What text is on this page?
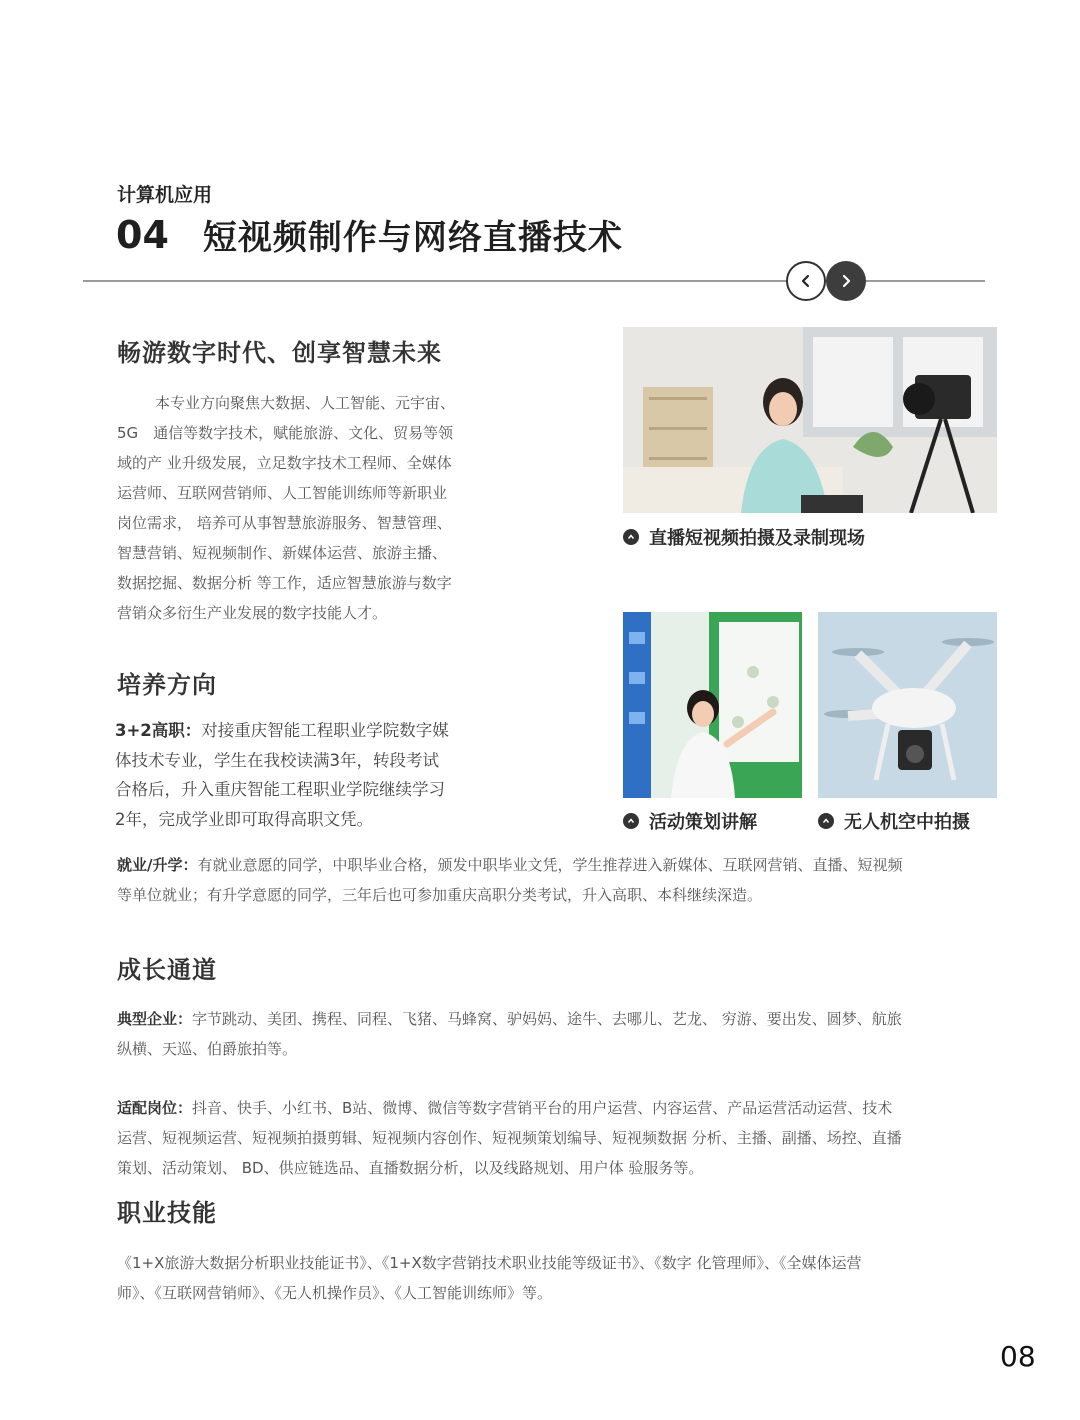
计算机应用
04 短视频制作与网络直播技术
畅游数字时代、创享智慧未来
本专业方向聚焦大数据、人工智能、元宇宙、
5G　通信等数字技术，赋能旅游、文化、贸易等领
域的产 业升级发展，立足数字技术工程师、全媒体
运营师、互联网营销师、人工智能训练师等新职业
岗位需求， 培养可从事智慧旅游服务、智慧管理、
智慧营销、短视频制作、新媒体运营、旅游主播、
数据挖掘、数据分析 等工作，适应智慧旅游与数字
营销众多衍生产业发展的数字技能人才。
直播短视频拍摄及录制现场
活动策划讲解	无人机空中拍摄
培养方向
3+2高职：对接重庆智能工程职业学院数字媒
体技术专业，学生在我校读满3年，转段考试
合格后，升入重庆智能工程职业学院继续学习
2年，完成学业即可取得高职文凭。
就业/升学：有就业意愿的同学，中职毕业合格，颁发中职毕业文凭，学生推荐进入新媒体、互联网营销、直播、短视频
等单位就业；有升学意愿的同学，三年后也可参加重庆高职分类考试，升入高职、本科继续深造。
成长通道
典型企业：字节跳动、美团、携程、同程、飞猪、马蜂窝、驴妈妈、途牛、去哪儿、艺龙、 穷游、要出发、圆梦、航旅
纵横、天巡、伯爵旅拍等。
适配岗位：抖音、快手、小红书、B站、微博、微信等数字营销平台的用户运营、内容运营、产品运营活动运营、技术
运营、短视频运营、短视频拍摄剪辑、短视频内容创作、短视频策划编导、短视频数据 分析、主播、副播、场控、直播
策划、活动策划、 BD、供应链选品、直播数据分析，以及线路规划、用户体 验服务等。
职业技能
《1+X旅游大数据分析职业技能证书》、《1+X数字营销技术职业技能等级证书》、《数字 化管理师》、《全媒体运营
师》、《互联网营销师》、《无人机操作员》、《人工智能训练师》等。
08
